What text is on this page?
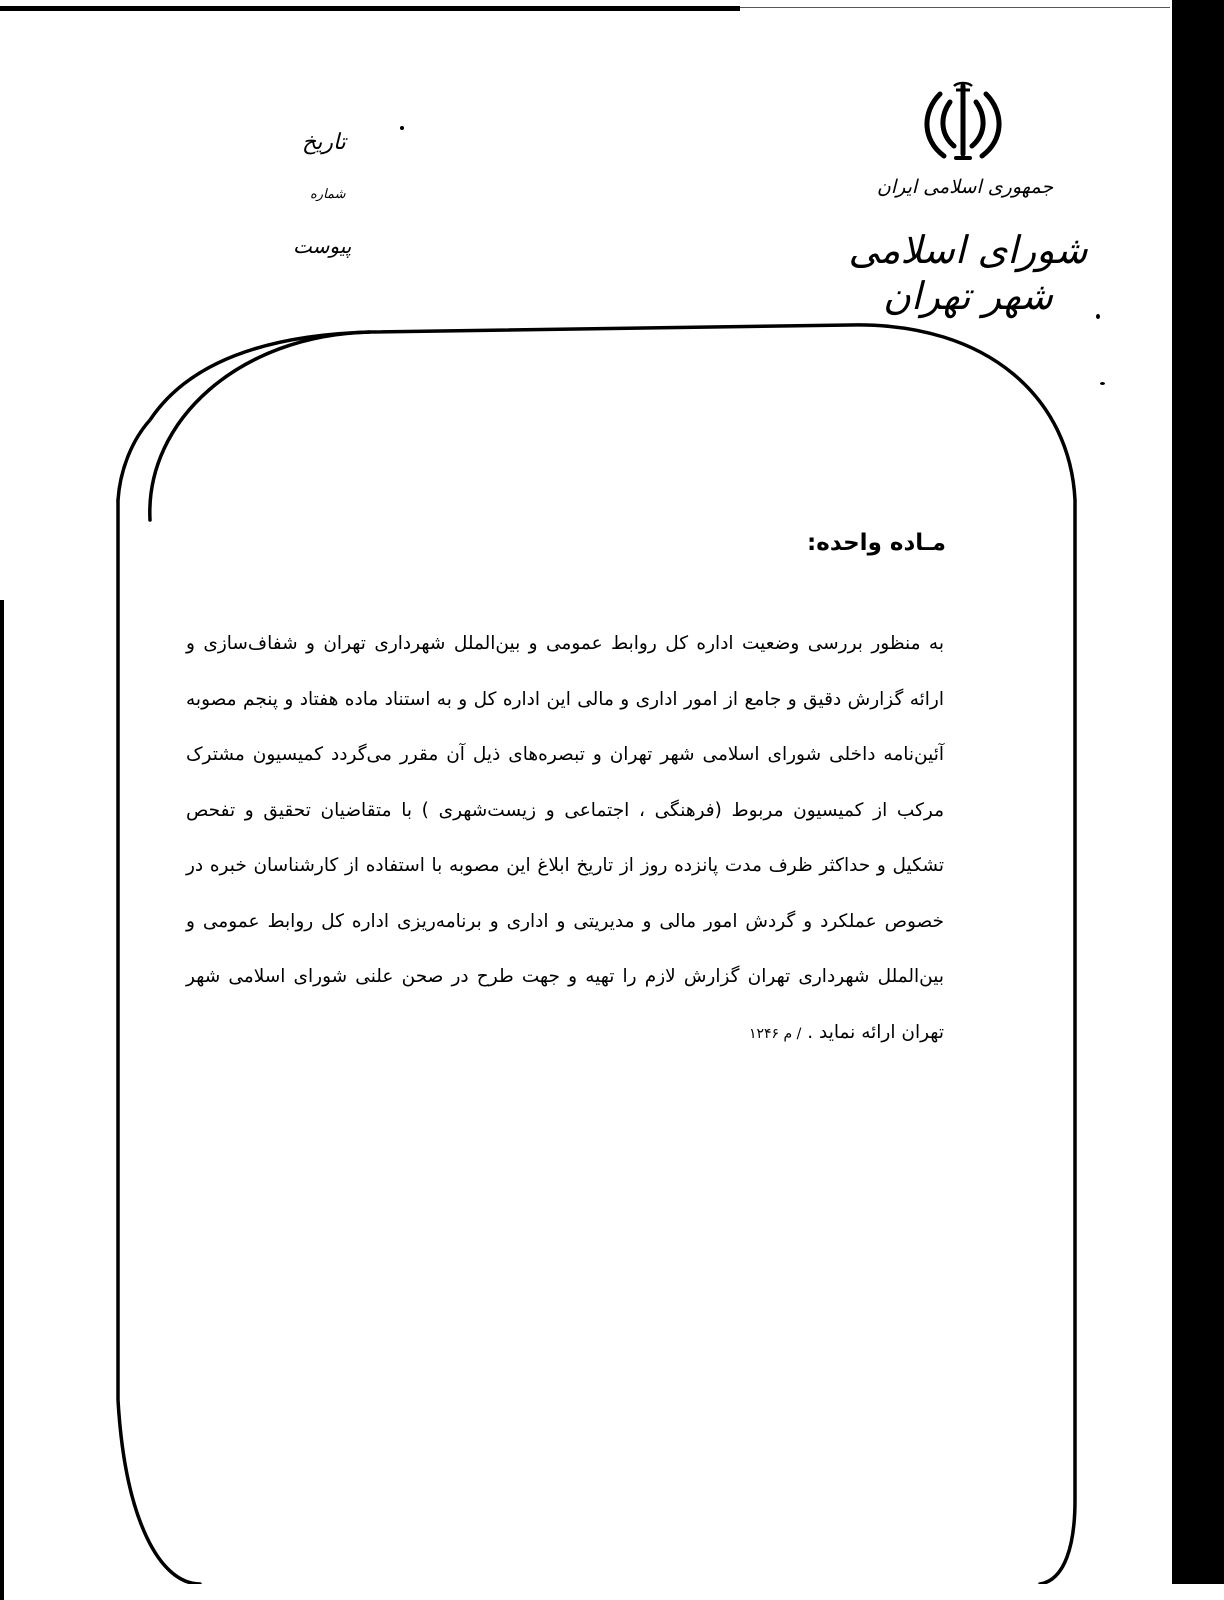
تاریخ
شماره
پیوست
جمهوری اسلامی ایران
شورای اسلامی شهر تهران
مـاده واحده:
به منظور بررسی وضعیت اداره کل روابط عمومی و بین‌الملل شهرداری تهران و شفاف‌سازی و ارائه گزارش دقیق و جامع از امور اداری و مالی این اداره کل و به استناد ماده هفتاد و پنجم مصوبه آئین‌نامه داخلی شورای اسلامی شهر تهران و تبصره‌های ذیل آن مقرر می‌گردد کمیسیون مشترک مرکب از کمیسیون مربوط (فرهنگی ، اجتماعی و زیست‌شهری ) با متقاضیان تحقیق و تفحص تشکیل و حداکثر ظرف مدت پانزده روز از تاریخ ابلاغ این مصوبه با استفاده از کارشناسان خبره در خصوص عملکرد و گردش امور مالی و مدیریتی و اداری و برنامه‌ریزی اداره کل روابط عمومی و بین‌الملل شهرداری تهران گزارش لازم را تهیه و جهت طرح در صحن علنی شورای اسلامی شهر تهران ارائه نماید . / م ۱۲۴۶
